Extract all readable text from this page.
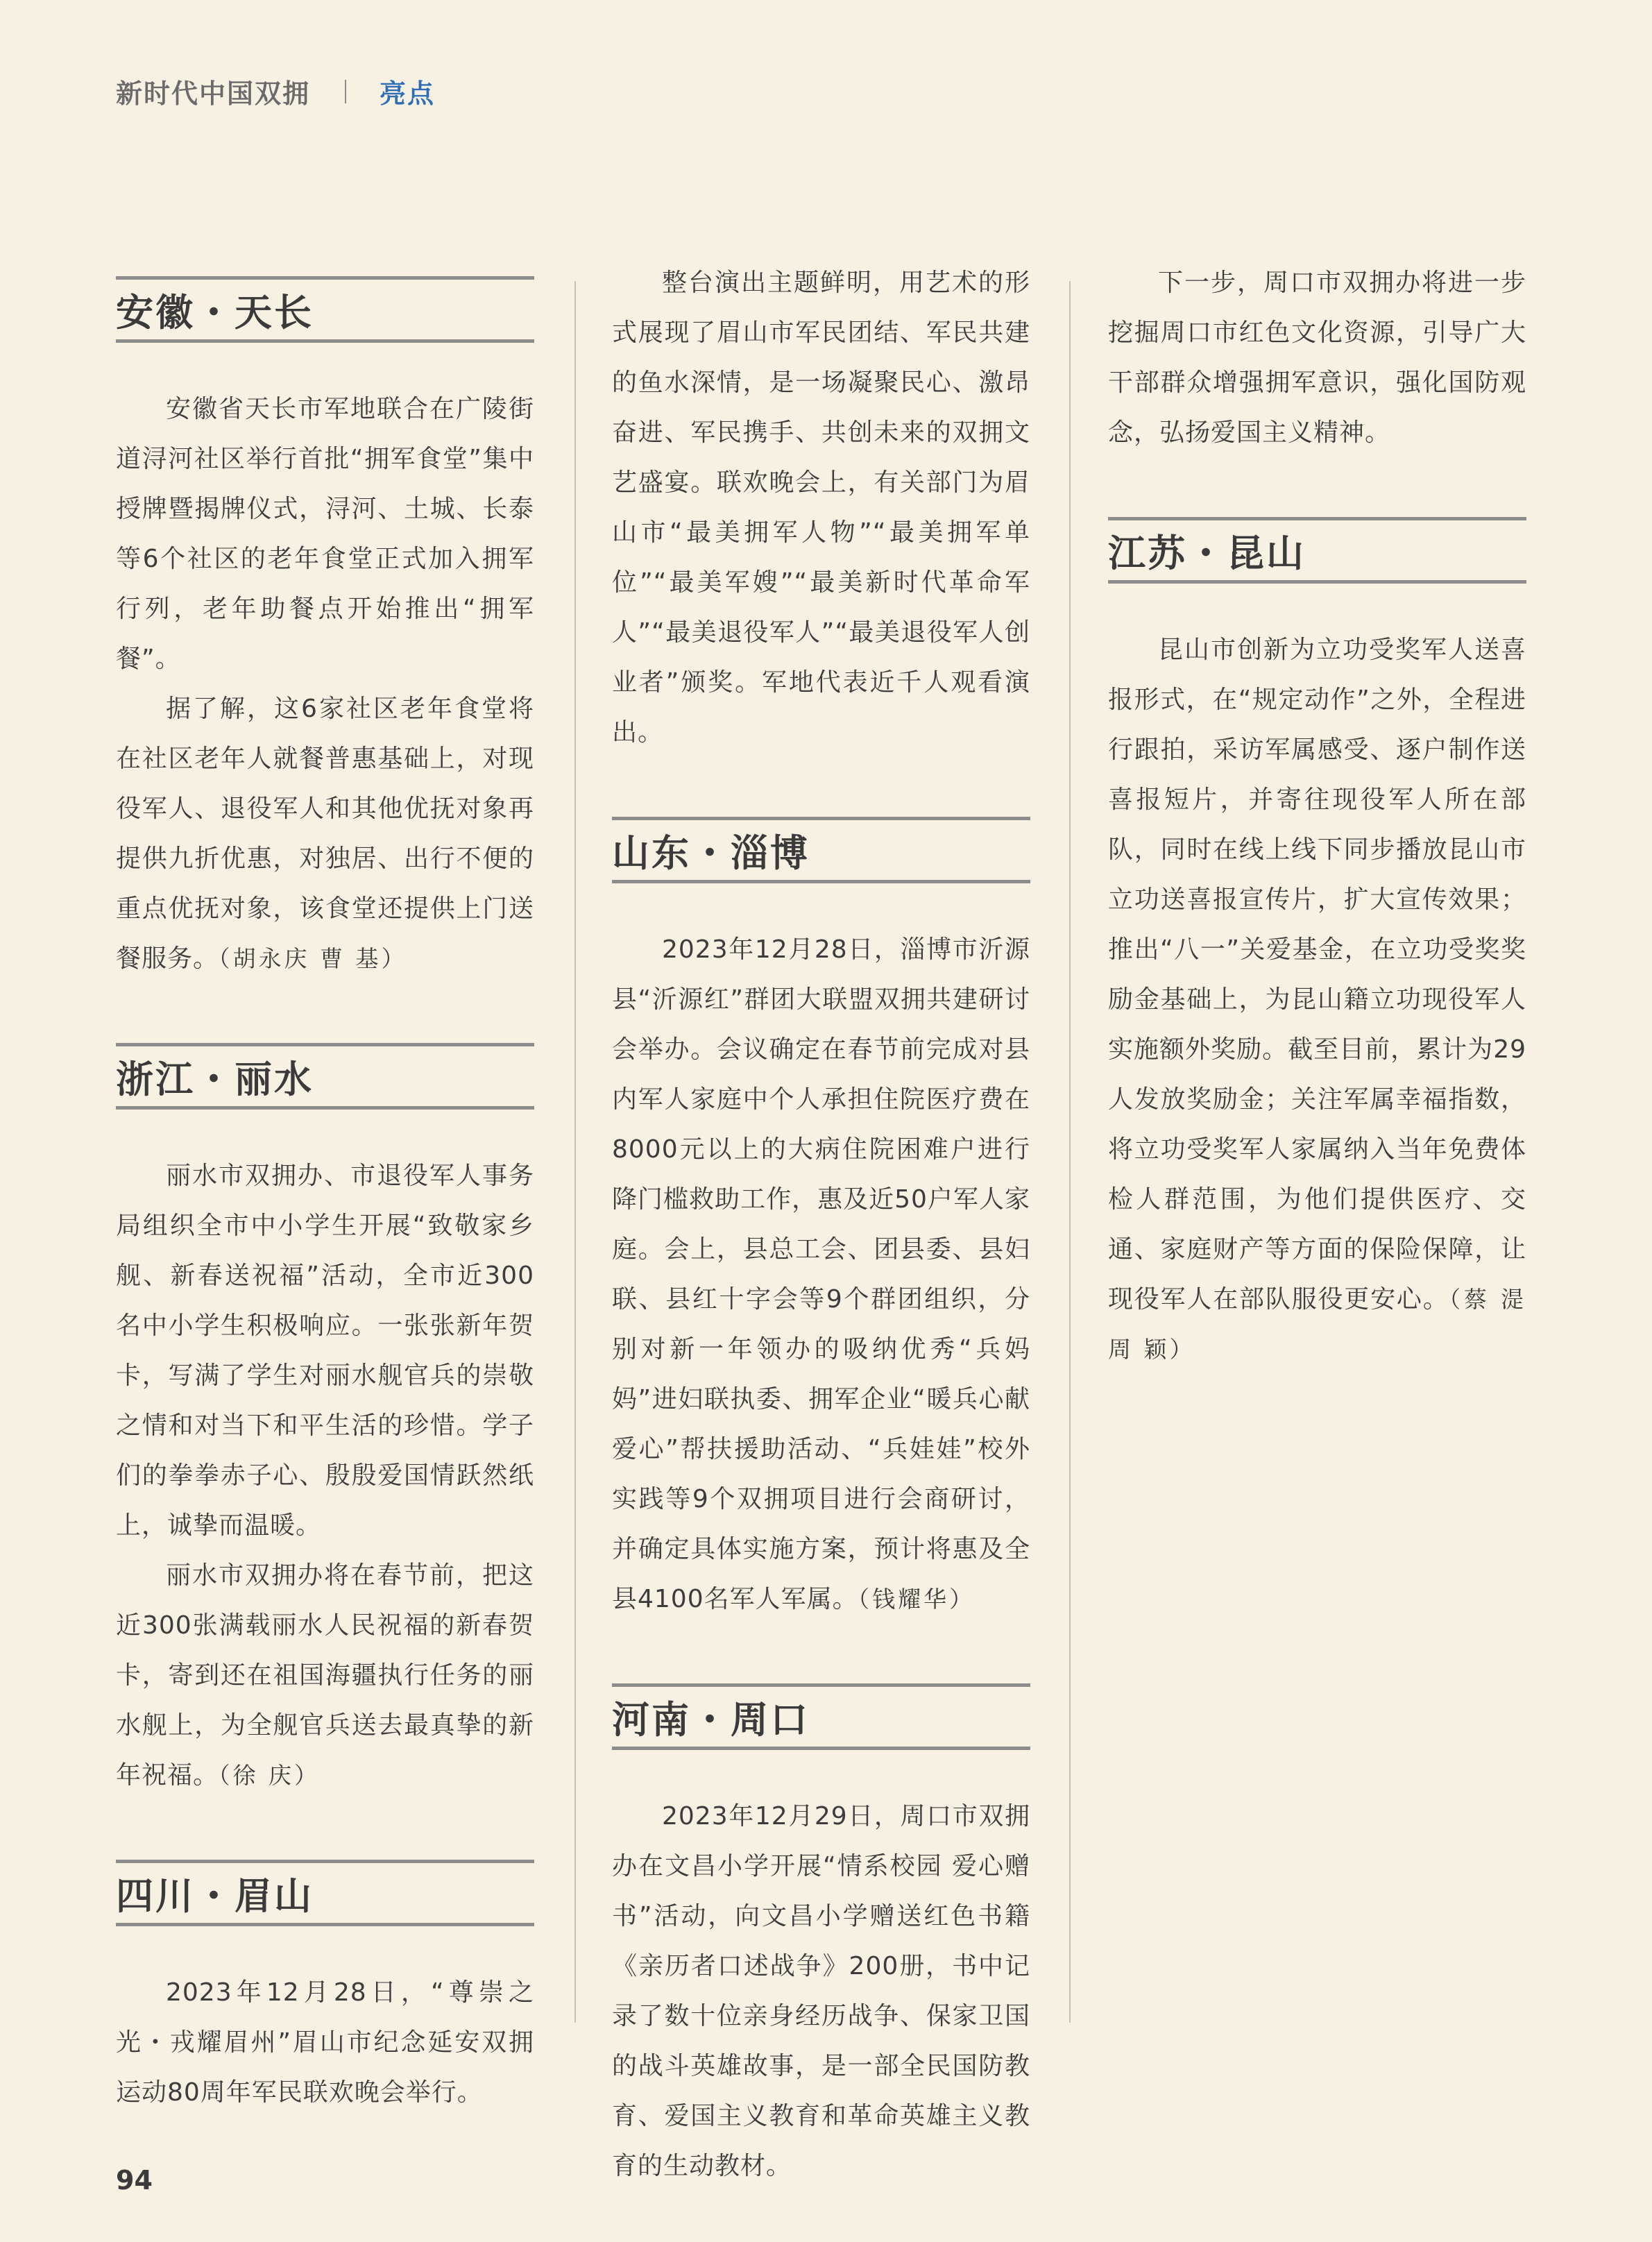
新时代中国双拥	亮点
安徽・天长

安徽省天长市军地联合在广陵街道浔河社区举行首批“拥军食堂”集中授牌暨揭牌仪式，浔河、土城、长泰等6个社区的老年食堂正式加入拥军行列，老年助餐点开始推出“拥军餐”。

据了解，这6家社区老年食堂将在社区老年人就餐普惠基础上，对现役军人、退役军人和其他优抚对象再提供九折优惠，对独居、出行不便的重点优抚对象，该食堂还提供上门送餐服务。（胡永庆 曹 基）

浙江・丽水

丽水市双拥办、市退役军人事务局组织全市中小学生开展“致敬家乡舰、新春送祝福”活动，全市近300名中小学生积极响应。一张张新年贺卡，写满了学生对丽水舰官兵的崇敬之情和对当下和平生活的珍惜。学子们的拳拳赤子心、殷殷爱国情跃然纸上，诚挚而温暖。

丽水市双拥办将在春节前，把这近300张满载丽水人民祝福的新春贺卡，寄到还在祖国海疆执行任务的丽水舰上，为全舰官兵送去最真挚的新年祝福。（徐 庆）

四川・眉山

2023年12月28日，“尊崇之光・戎耀眉州”眉山市纪念延安双拥运动80周年军民联欢晚会举行。

整台演出主题鲜明，用艺术的形式展现了眉山市军民团结、军民共建的鱼水深情，是一场凝聚民心、激昂奋进、军民携手、共创未来的双拥文艺盛宴。联欢晚会上，有关部门为眉山市“最美拥军人物”“最美拥军单位”“最美军嫂”“最美新时代革命军人”“最美退役军人”“最美退役军人创业者”颁奖。军地代表近千人观看演出。

山东・淄博

2023年12月28日，淄博市沂源县“沂源红”群团大联盟双拥共建研讨会举办。会议确定在春节前完成对县内军人家庭中个人承担住院医疗费在8000元以上的大病住院困难户进行降门槛救助工作，惠及近50户军人家庭。会上，县总工会、团县委、县妇联、县红十字会等9个群团组织，分别对新一年领办的吸纳优秀“兵妈妈”进妇联执委、拥军企业“暖兵心献爱心”帮扶援助活动、“兵娃娃”校外实践等9个双拥项目进行会商研讨，并确定具体实施方案，预计将惠及全县4100名军人军属。（钱耀华）

河南・周口

2023年12月29日，周口市双拥办在文昌小学开展“情系校园 爱心赠书”活动，向文昌小学赠送红色书籍《亲历者口述战争》200册，书中记录了数十位亲身经历战争、保家卫国的战斗英雄故事，是一部全民国防教育、爱国主义教育和革命英雄主义教育的生动教材。

下一步，周口市双拥办将进一步挖掘周口市红色文化资源，引导广大干部群众增强拥军意识，强化国防观念，弘扬爱国主义精神。

江苏・昆山

昆山市创新为立功受奖军人送喜报形式，在“规定动作”之外，全程进行跟拍，采访军属感受、逐户制作送喜报短片，并寄往现役军人所在部队，同时在线上线下同步播放昆山市立功送喜报宣传片，扩大宣传效果；推出“八一”关爱基金，在立功受奖奖励金基础上，为昆山籍立功现役军人实施额外奖励。截至目前，累计为29人发放奖励金；关注军属幸福指数，将立功受奖军人家属纳入当年免费体检人群范围，为他们提供医疗、交通、家庭财产等方面的保险保障，让现役军人在部队服役更安心。（蔡 湜 周 颖）

94
